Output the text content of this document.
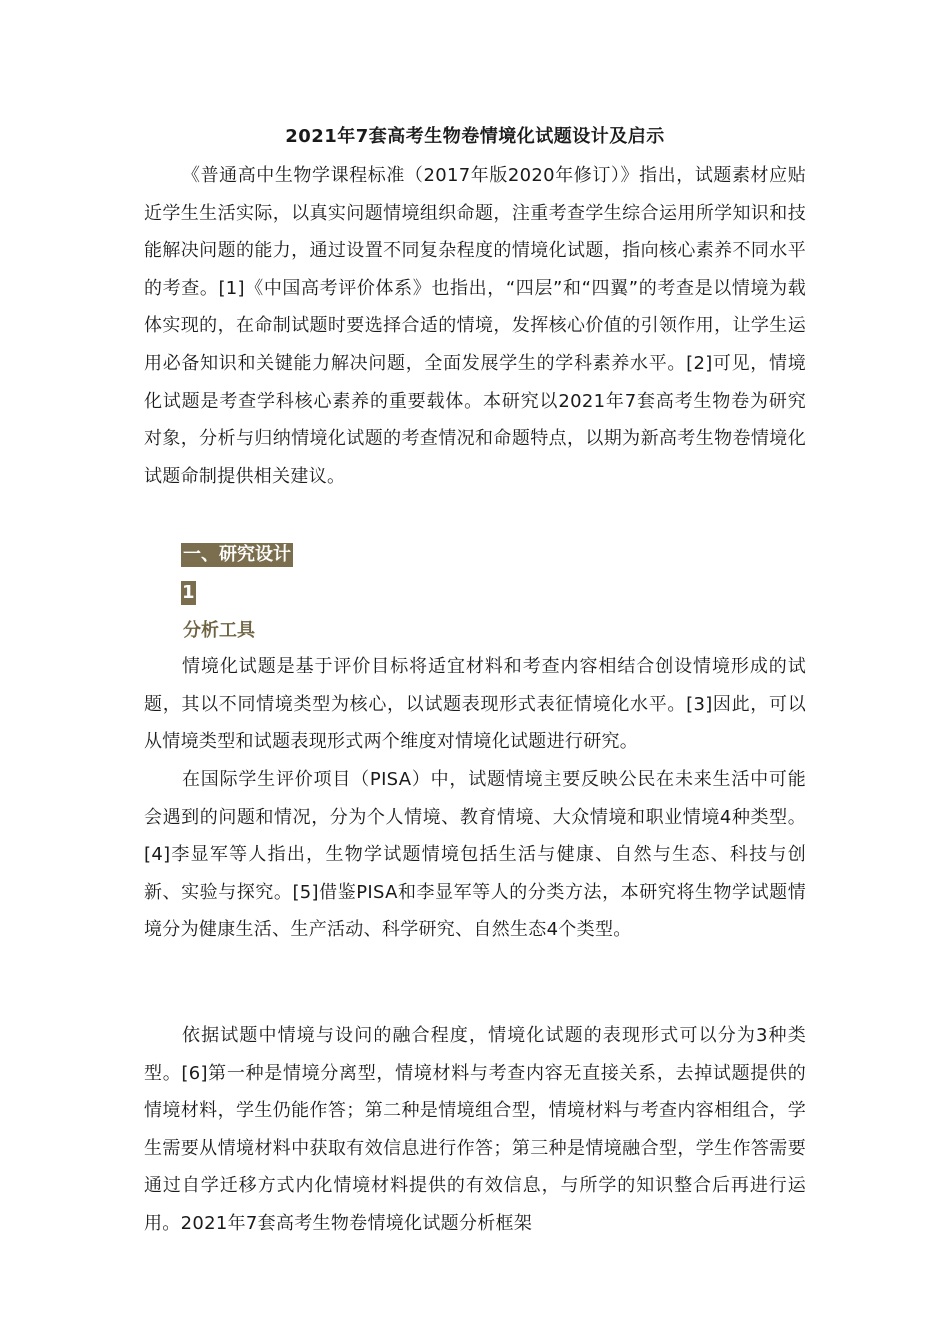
2021年7套高考生物卷情境化试题设计及启示

《普通高中生物学课程标准（2017年版2020年修订）》指出，试题素材应贴近学生生活实际，以真实问题情境组织命题，注重考查学生综合运用所学知识和技能解决问题的能力，通过设置不同复杂程度的情境化试题，指向核心素养不同水平的考查。[1]《中国高考评价体系》也指出，“四层”和“四翼”的考查是以情境为载体实现的，在命制试题时要选择合适的情境，发挥核心价值的引领作用，让学生运用必备知识和关键能力解决问题，全面发展学生的学科素养水平。[2]可见，情境化试题是考查学科核心素养的重要载体。本研究以2021年7套高考生物卷为研究对象，分析与归纳情境化试题的考查情况和命题特点，以期为新高考生物卷情境化试题命制提供相关建议。

一、研究设计
1
分析工具

情境化试题是基于评价目标将适宜材料和考查内容相结合创设情境形成的试题，其以不同情境类型为核心，以试题表现形式表征情境化水平。[3]因此，可以从情境类型和试题表现形式两个维度对情境化试题进行研究。

在国际学生评价项目（PISA）中，试题情境主要反映公民在未来生活中可能会遇到的问题和情况，分为个人情境、教育情境、大众情境和职业情境4种类型。[4]李显军等人指出，生物学试题情境包括生活与健康、自然与生态、科技与创新、实验与探究。[5]借鉴PISA和李显军等人的分类方法，本研究将生物学试题情境分为健康生活、生产活动、科学研究、自然生态4个类型。

依据试题中情境与设问的融合程度，情境化试题的表现形式可以分为3种类型。[6]第一种是情境分离型，情境材料与考查内容无直接关系，去掉试题提供的情境材料，学生仍能作答；第二种是情境组合型，情境材料与考查内容相组合，学生需要从情境材料中获取有效信息进行作答；第三种是情境融合型，学生作答需要通过自学迁移方式内化情境材料提供的有效信息，与所学的知识整合后再进行运用。2021年7套高考生物卷情境化试题分析框架
